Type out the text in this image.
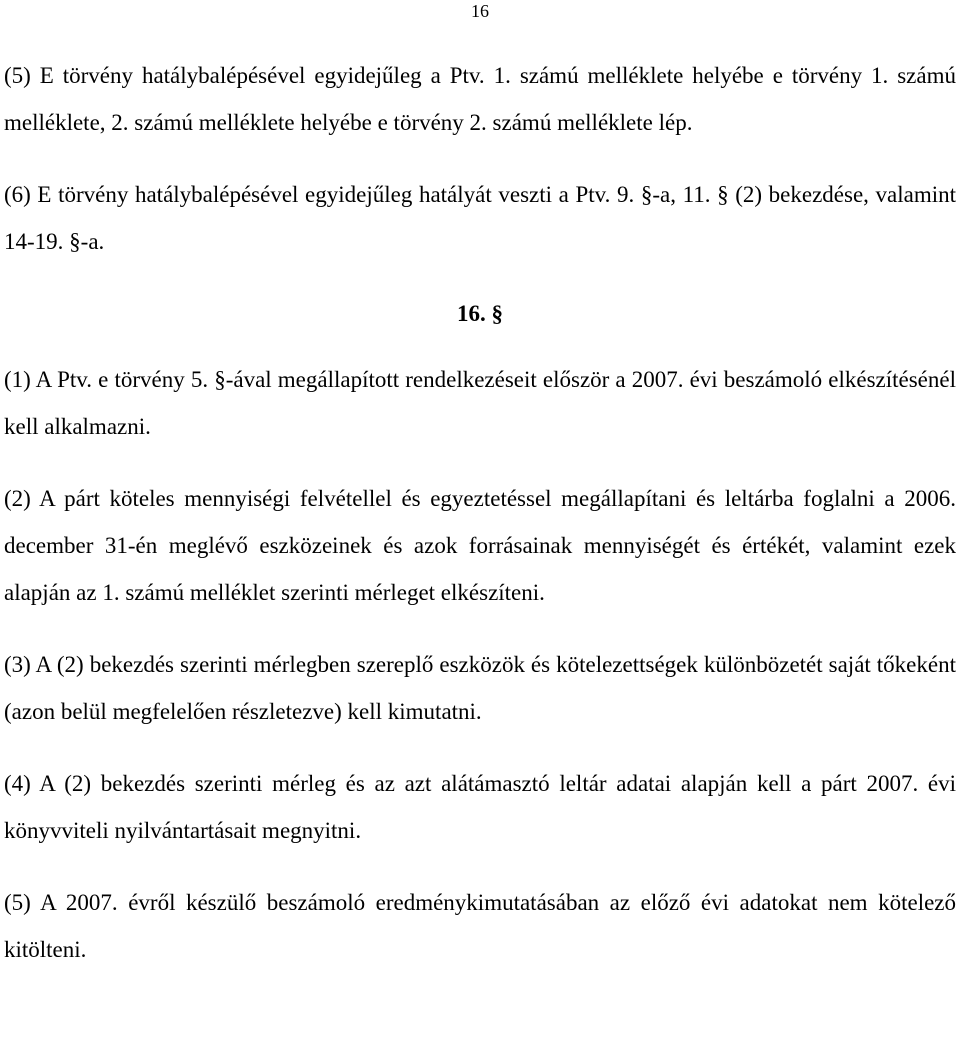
16

(5) E törvény hatálybalépésével egyidejűleg a Ptv. 1. számú melléklete helyébe e törvény 1. számú melléklete, 2. számú melléklete helyébe e törvény 2. számú melléklete lép.

(6) E törvény hatálybalépésével egyidejűleg hatályát veszti a Ptv. 9. §-a, 11. § (2) bekezdése, valamint 14-19. §-a.

16. §

(1) A Ptv. e törvény 5. §-ával megállapított rendelkezéseit először a 2007. évi beszámoló elkészítésénél kell alkalmazni.

(2) A párt köteles mennyiségi felvétellel és egyeztetéssel megállapítani és leltárba foglalni a 2006. december 31-én meglévő eszközeinek és azok forrásainak mennyiségét és értékét, valamint ezek alapján az 1. számú melléklet szerinti mérleget elkészíteni.

(3) A (2) bekezdés szerinti mérlegben szereplő eszközök és kötelezettségek különbözetét saját tőkeként (azon belül megfelelően részletezve) kell kimutatni.

(4) A (2) bekezdés szerinti mérleg és az azt alátámasztó leltár adatai alapján kell a párt 2007. évi könyvviteli nyilvántartásait megnyitni.

(5) A 2007. évről készülő beszámoló eredménykimutatásában az előző évi adatokat nem kötelező kitölteni.
